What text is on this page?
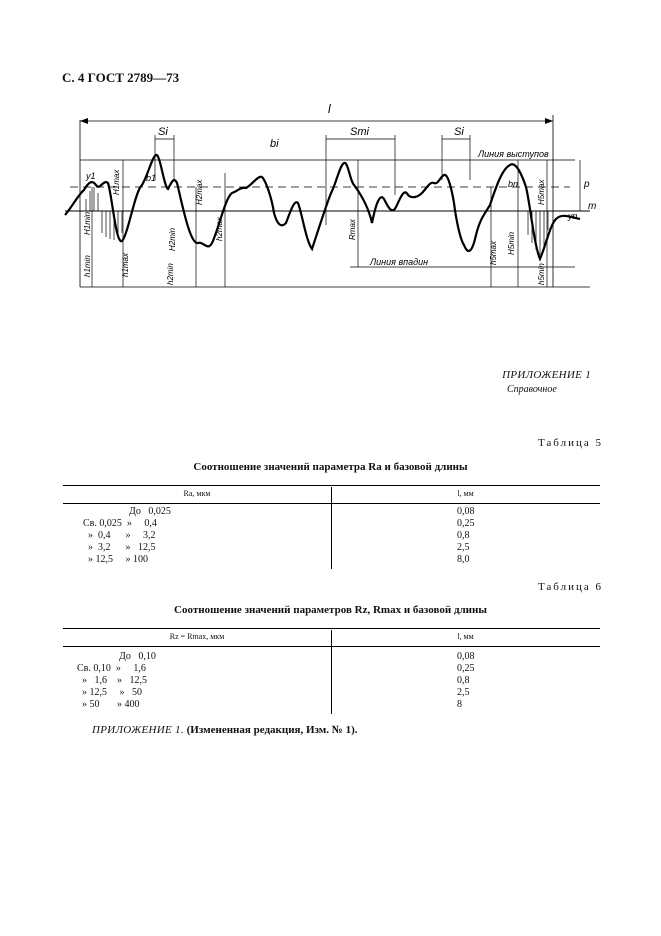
С. 4 ГОСТ 2789—73
l
Si	Smi	Si
bi
b1
bn
y1
yn
m
p
Линия выступов
Линия впадин
H1max
H1min
h1min	h1max
H2max
H2min	h2max
h2min
Rmax
h5max H5min
H5max
h5min
ПРИЛОЖЕНИЕ 1
Справочное
Таблица 5
Соотношение значений параметра Ra и базовой длины
Ra, мкм	l, мм
До   0,025	0,08
Св. 0,025  »     0,4	0,25
»  0,4      »     3,2	0,8
»  3,2      »   12,5	2,5
» 12,5     » 100	8,0
Таблица 6
Соотношение значений параметров Rz, Rmax и базовой длины
Rz = Rmax, мкм	l, мм
До   0,10	0,08
Св. 0,10  »     1,6	0,25
»   1,6    »   12,5	0,8
» 12,5     »   50	2,5
» 50       » 400	8
ПРИЛОЖЕНИЕ 1. (Измененная редакция, Изм. № 1).
